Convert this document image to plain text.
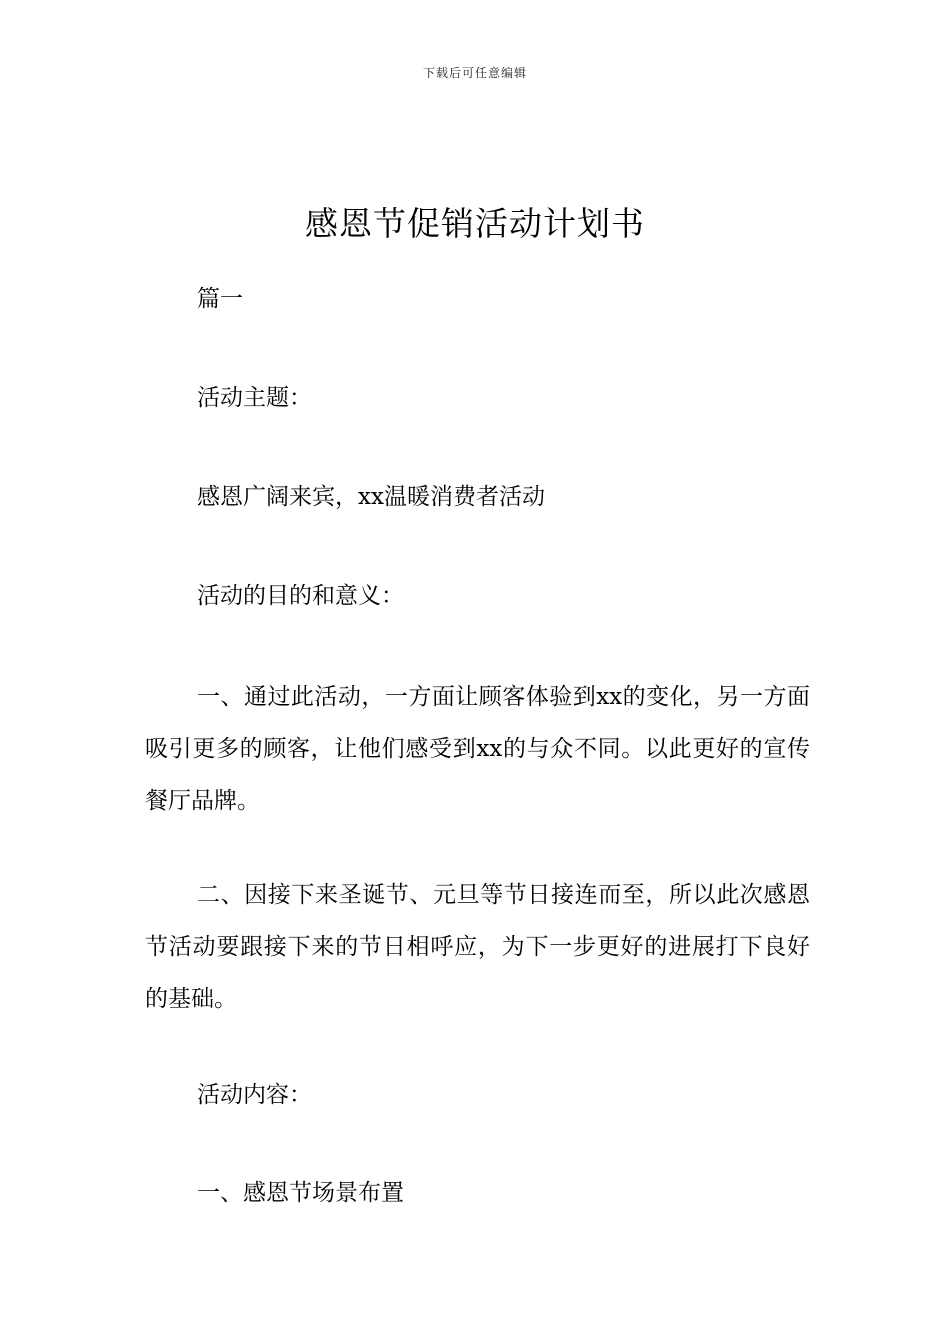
下载后可任意编辑
感恩节促销活动计划书

篇一

活动主题：

感恩广阔来宾，xx温暖消费者活动

活动的目的和意义：

一、通过此活动，一方面让顾客体验到xx的变化，另一方面吸引更多的顾客，让他们感受到xx的与众不同。以此更好的宣传餐厅品牌。

二、因接下来圣诞节、元旦等节日接连而至，所以此次感恩节活动要跟接下来的节日相呼应，为下一步更好的进展打下良好的基础。

活动内容：

一、感恩节场景布置
